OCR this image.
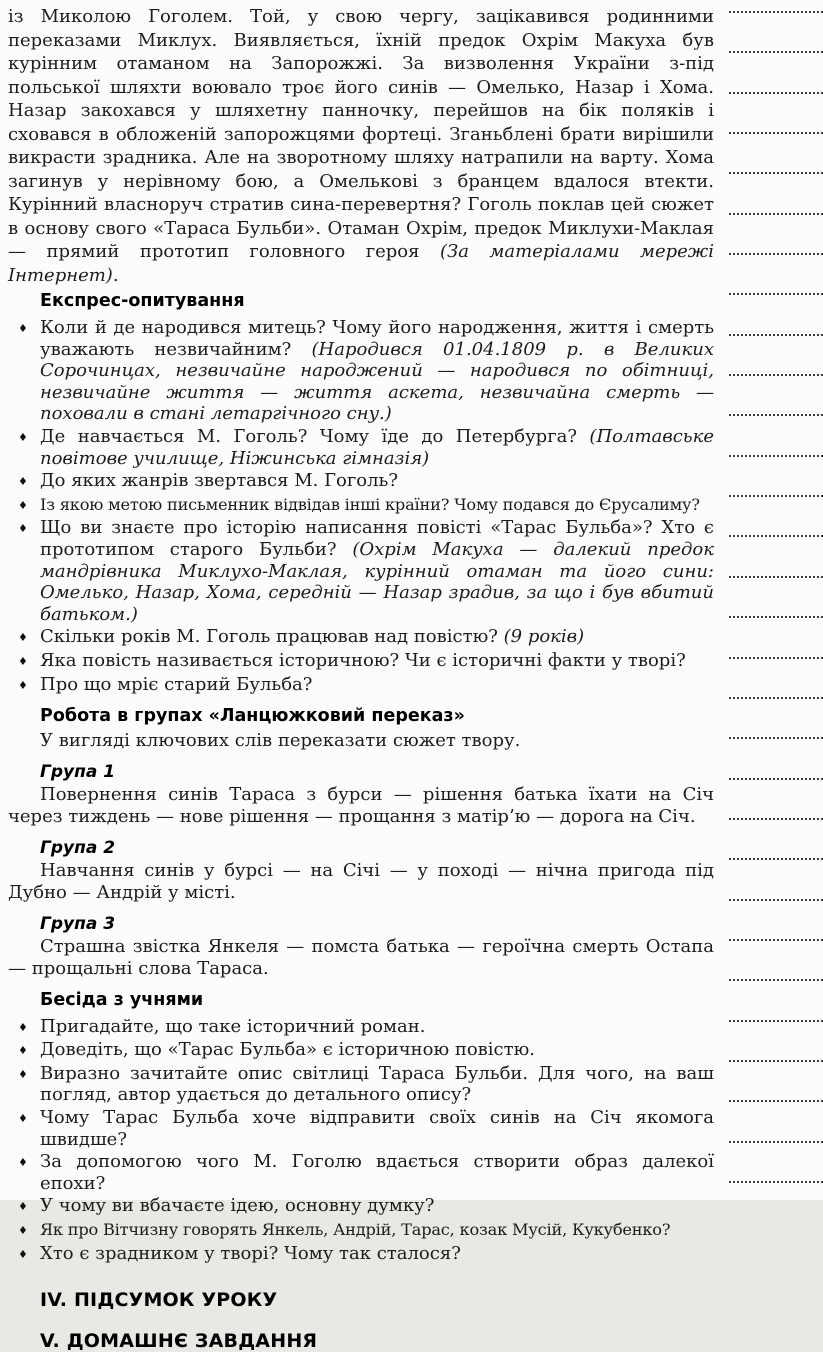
із Миколою Гоголем. Той, у свою чергу, зацікавився родинними переказами Миклух. Виявляється, їхній предок Охрім Макуха був курінним отаманом на Запорожжі. За визволення України з-під польської шляхти воювало троє його синів — Омелько, Назар і Хома. Назар закохався у шляхетну панночку, перейшов на бік поляків і сховався в обложеній запорожцями фортеці. Зганьблені брати вирішили викрасти зрадника. Але на зворотному шляху натрапили на варту. Хома загинув у нерівному бою, а Омелькові з бранцем вдалося втекти. Курінний власноруч стратив сина-перевертня? Гоголь поклав цей сюжет в основу свого «Тараса Бульби». Отаман Охрім, предок Миклухи-Маклая — прямий прототип головного героя (За матеріалами мережі Інтернет).

Експрес-опитування
♦ Коли й де народився митець? Чому його народження, життя і смерть уважають незвичайним? (Народився 01.04.1809 р. в Великих Сорочинцах, незвичайне народжений — народився по обітниці, незвичайне життя — життя аскета, незвичайна смерть — поховали в стані летаргічного сну.)
♦ Де навчається М. Гоголь? Чому їде до Петербурга? (Полтавське повітове училище, Ніжинська гімназія)
♦ До яких жанрів звертався М. Гоголь?
♦ Із якою метою письменник відвідав інші країни? Чому подався до Єрусалиму?
♦ Що ви знаєте про історію написання повісті «Тарас Бульба»? Хто є прототипом старого Бульби? (Охрім Макуха — далекий предок мандрівника Миклухо-Маклая, курінний отаман та його сини: Омелько, Назар, Хома, середній — Назар зрадив, за що і був вбитий батьком.)
♦ Скільки років М. Гоголь працював над повістю? (9 років)
♦ Яка повість називається історичною? Чи є історичні факти у творі?
♦ Про що мріє старий Бульба?
Робота в групах «Ланцюжковий переказ»

У вигляді ключових слів переказати сюжет твору.

Група 1

Повернення синів Тараса з бурси — рішення батька їхати на Січ через тиждень — нове рішення — прощання з матір’ю — дорога на Січ.

Група 2

Навчання синів у бурсі — на Січі — у поході — нічна пригода під Дубно — Андрій у місті.

Група 3

Страшна звістка Янкеля — помста батька — героїчна смерть Остапа — прощальні слова Тараса.

Бесіда з учнями
♦ Пригадайте, що таке історичний роман.
♦ Доведіть, що «Тарас Бульба» є історичною повістю.
♦ Виразно зачитайте опис світлиці Тараса Бульби. Для чого, на ваш погляд, автор удається до детального опису?
♦ Чому Тарас Бульба хоче відправити своїх синів на Січ якомога швидше?
♦ За допомогою чого М. Гоголю вдається створити образ далекої епохи?
♦ У чому ви вбачаєте ідею, основну думку?
♦ Як про Вітчизну говорять Янкель, Андрій, Тарас, козак Мусій, Кукубенко?
♦ Хто є зрадником у творі? Чому так сталося?
IV. ПІДСУМОК УРОКУ
V. ДОМАШНЄ ЗАВДАННЯ
